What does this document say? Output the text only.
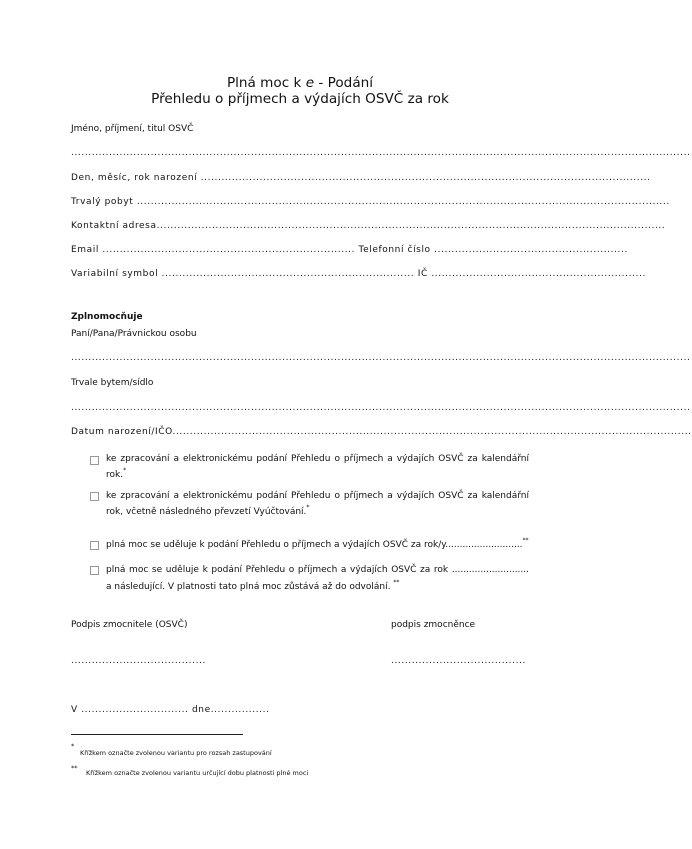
Plná moc k e - Podání
Přehledu o příjmech a výdajích OSVČ za rok
Jméno, příjmení, titul OSVČ
...................................................................................................................................................................................
Den, měsíc, rok narození ..................................................................................................................................
Trvalý pobyt ..........................................................................................................................................................
Kontaktní adresa...................................................................................................................................................
Email ......................................................................... Telefonní číslo ........................................................
Variabilní symbol ......................................................................... IČ ..............................................................
Zplnomocňuje
Paní/Pana/Právnickou osobu
...................................................................................................................................................................................
Trvale bytem/sídlo
...................................................................................................................................................................................
Datum narození/IČO......................................................................................................................................................
ke zpracování a elektronickému podání Přehledu o příjmech a výdajích OSVČ za kalendářní
rok.*
ke zpracování a elektronickému podání Přehledu o příjmech a výdajích OSVČ za kalendářní
rok, včetně následného převzetí Vyúčtování.*
plná moc se uděluje k podání Přehledu o příjmech a výdajích OSVČ za rok/y...........................**
plná moc se uděluje k podání Přehledu o příjmech a výdajích OSVČ za rok ...........................
a následující. V platnosti tato plná moc zůstává až do odvolání. **
Podpis zmocnitele (OSVČ)	podpis zmocněnce
.......................................	.......................................
V ............................... dne.................
*
Křížkem označte zvolenou variantu pro rozsah zastupování
**
Křížkem označte zvolenou variantu určující dobu platnosti plné moci
